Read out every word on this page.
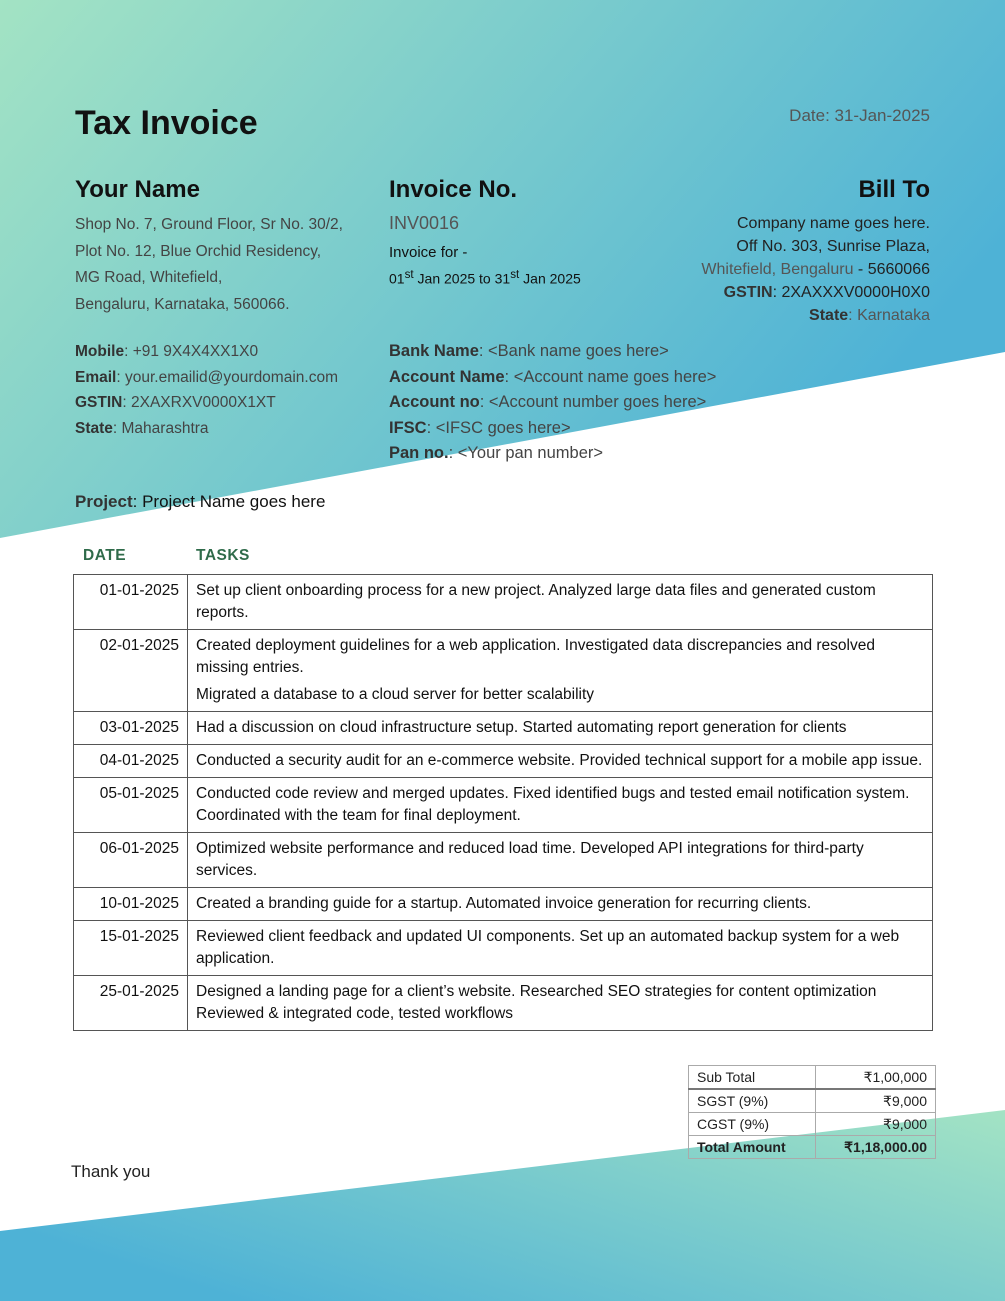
Tax Invoice	Date: 31-Jan-2025
Your Name
Shop No. 7, Ground Floor, Sr No. 30/2,
Plot No. 12, Blue Orchid Residency,
MG Road, Whitefield,
Bengaluru, Karnataka, 560066.
Mobile: +91 9X4X4XX1X0
Email: your.emailid@yourdomain.com
GSTIN: 2XAXRXV0000X1XT
State: Maharashtra
Invoice No.
INV0016
Invoice for -
01st Jan 2025 to 31st Jan 2025
Bank Name: <Bank name goes here>
Account Name: <Account name goes here>
Account no: <Account number goes here>
IFSC: <IFSC goes here>
Pan no.: <Your pan number>
Bill To
Company name goes here.
Off No. 303, Sunrise Plaza,
Whitefield, Bengaluru - 5660066
GSTIN: 2XAXXXV0000H0X0
State: Karnataka
Project: Project Name goes here
DATE	TASKS
01-01-2025	Set up client onboarding process for a new project. Analyzed large data files and generated custom reports.

02-01-2025	Created deployment guidelines for a web application. Investigated data discrepancies and resolved missing entries.
Migrated a database to a cloud server for better scalability

03-01-2025	Had a discussion on cloud infrastructure setup. Started automating report generation for clients

04-01-2025	Conducted a security audit for an e-commerce website. Provided technical support for a mobile app issue.

05-01-2025	Conducted code review and merged updates. Fixed identified bugs and tested email notification system. Coordinated with the team for final deployment.

06-01-2025	Optimized website performance and reduced load time. Developed API integrations for third-party services.

10-01-2025	Created a branding guide for a startup. Automated invoice generation for recurring clients.

15-01-2025	Reviewed client feedback and updated UI components. Set up an automated backup system for a web application.

25-01-2025	Designed a landing page for a client’s website. Researched SEO strategies for content optimization Reviewed & integrated code, tested workflows
Sub Total	₹1,00,000
SGST (9%)	₹9,000
CGST (9%)	₹9,000
Total Amount	₹1,18,000.00
Thank you
